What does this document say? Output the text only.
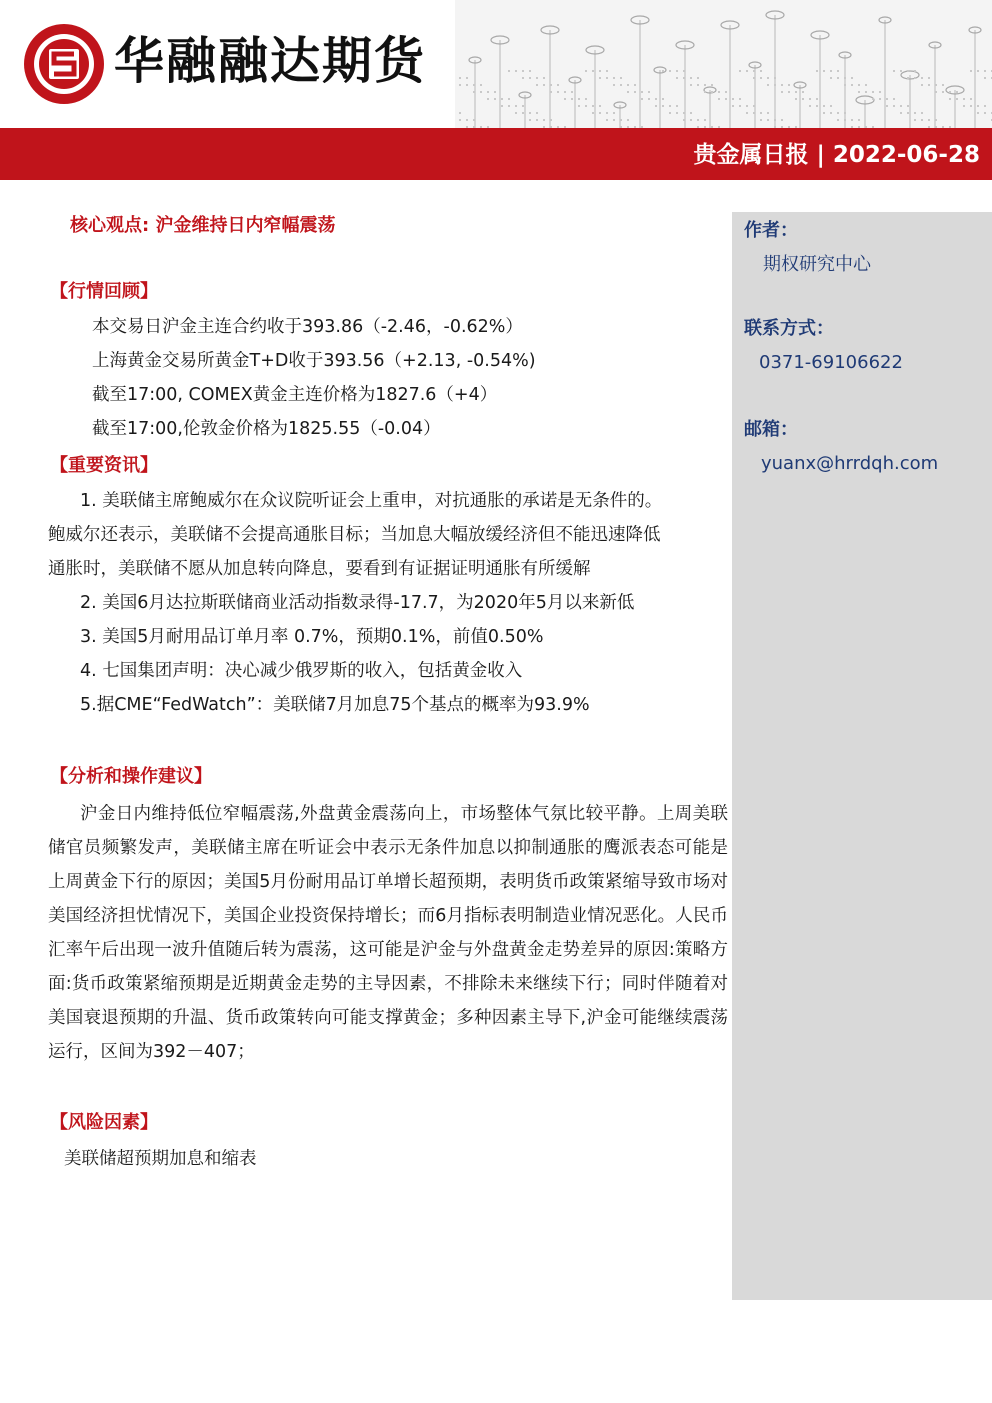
华融融达期货
贵金属日报 | 2022-06-28
作者：
期权研究中心
联系方式：
0371-69106622
邮箱：
yuanx@hrrdqh.com
核心观点: 沪金维持日内窄幅震荡
【行情回顾】
本交易日沪金主连合约收于393.86（-2.46，-0.62%）
上海黄金交易所黄金T+D收于393.56（+2.13, -0.54%)
截至17:00, COMEX黄金主连价格为1827.6（+4）
截至17:00,伦敦金价格为1825.55（-0.04）
【重要资讯】
1. 美联储主席鲍威尔在众议院听证会上重申，对抗通胀的承诺是无条件的。
鲍威尔还表示，美联储不会提高通胀目标；当加息大幅放缓经济但不能迅速降低
通胀时，美联储不愿从加息转向降息，要看到有证据证明通胀有所缓解
2. 美国6月达拉斯联储商业活动指数录得-17.7，为2020年5月以来新低
3. 美国5月耐用品订单月率 0.7%，预期0.1%，前值0.50%
4. 七国集团声明：决心减少俄罗斯的收入，包括黄金收入
5.据CME“FedWatch”：美联储7月加息75个基点的概率为93.9%
【分析和操作建议】
沪金日内维持低位窄幅震荡,外盘黄金震荡向上，市场整体气氛比较平静。上周美联储官员频繁发声，美联储主席在听证会中表示无条件加息以抑制通胀的鹰派表态可能是上周黄金下行的原因；美国5月份耐用品订单增长超预期，表明货币政策紧缩导致市场对美国经济担忧情况下，美国企业投资保持增长；而6月指标表明制造业情况恶化。人民币汇率午后出现一波升值随后转为震荡，这可能是沪金与外盘黄金走势差异的原因:策略方面:货币政策紧缩预期是近期黄金走势的主导因素，不排除未来继续下行；同时伴随着对美国衰退预期的升温、货币政策转向可能支撑黄金；多种因素主导下,沪金可能继续震荡运行，区间为392－407；
【风险因素】
美联储超预期加息和缩表
